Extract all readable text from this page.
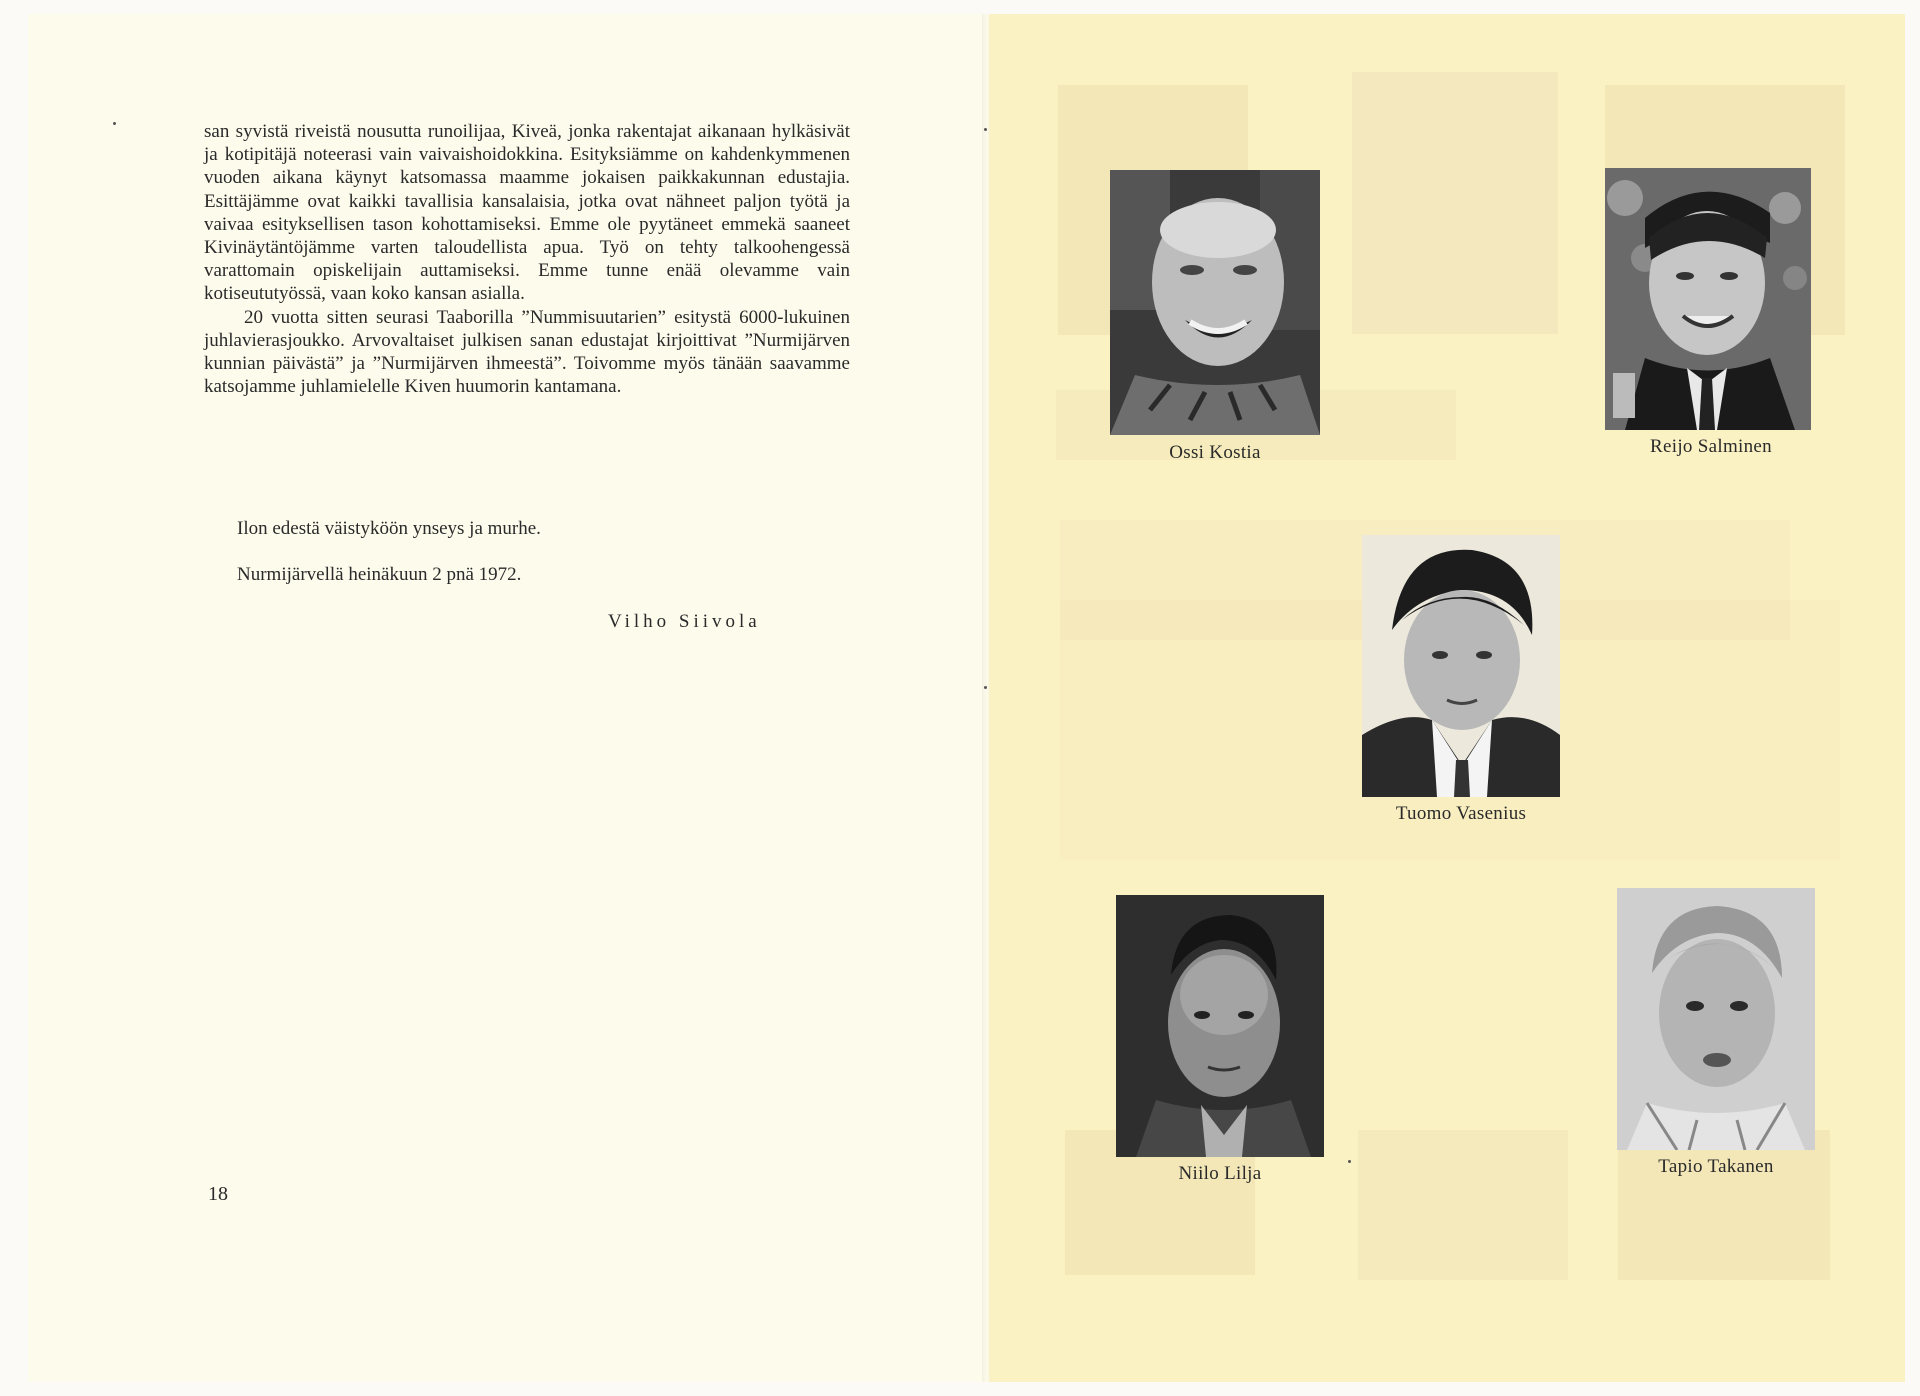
san syvistä riveistä nousutta runoilijaa, Kiveä, jonka rakentajat aikanaan hylkäsivät ja kotipitäjä noteerasi vain vaivaishoidokkina. Esityksiämme on kahdenkymmenen vuoden aikana käynyt katsomassa maamme jokaisen paikkakunnan edustajia. Esittäjämme ovat kaikki tavallisia kansalaisia, jotka ovat nähneet paljon työtä ja vaivaa esityksellisen tason kohottamiseksi. Emme ole pyytäneet emmekä saaneet Kivinäytäntöjämme varten taloudellista apua. Työ on tehty talkoohengessä varattomain opiskelijain auttamiseksi. Emme tunne enää olevamme vain kotiseututyössä, vaan koko kansan asialla.

20 vuotta sitten seurasi Taaborilla ”Nummisuutarien” esitystä 6000-lukuinen juhlavierasjoukko. Arvovaltaiset julkisen sanan edustajat kirjoittivat ”Nurmijärven kunnian päivästä” ja ”Nurmijärven ihmeestä”. Toivomme myös tänään saavamme katsojamme juhlamielelle Kiven huumorin kantamana.

Ilon edestä väistyköön ynseys ja murhe.
Nurmijärvellä heinäkuun 2 pnä 1972.
Vilho Siivola
18
Ossi Kostia	Reijo Salminen
Tuomo Vasenius
Niilo Lilja	Tapio Takanen
